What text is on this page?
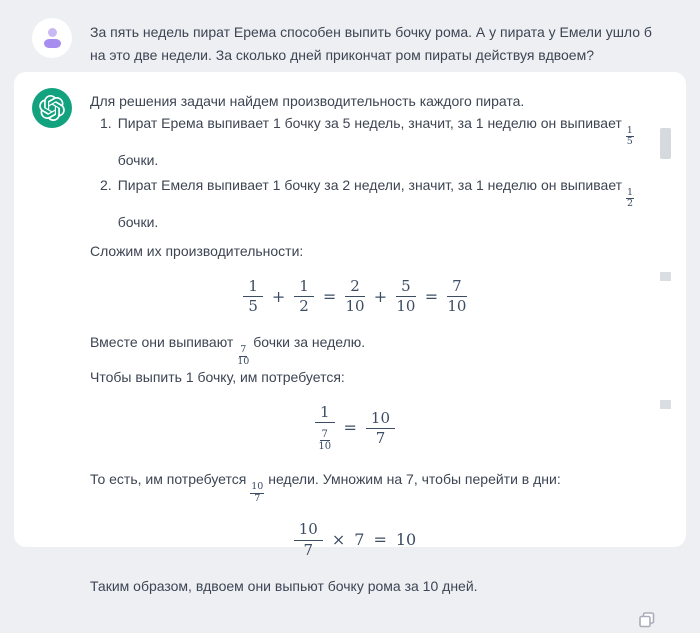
За пять недель пират Ерема способен выпить бочку рома. А у пирата у Емели ушло б на это две недели. За сколько дней прикончат ром пираты действуя вдвоем?

Для решения задачи найдем производительность каждого пирата.

1. Пират Ерема выпивает 1 бочку за 5 недель, значит, за 1 неделю он выпивает
$\frac{1}{5}$
бочки.
2. Пират Емеля выпивает 1 бочку за 2 недели, значит, за 1 неделю он выпивает
$\frac{1}{2}$
бочки.

Сложим их производительности:

$\frac{1}{5} + \frac{1}{2} = \frac{2}{10} + \frac{5}{10} = \frac{7}{10}$

Вместе они выпивают
$\frac{7}{10}$
бочки за неделю.

Чтобы выпить 1 бочку, им потребуется:

$\frac{1}{\frac{7}{10}} = \frac{10}{7}$

То есть, им потребуется
$\frac{10}{7}$
недели. Умножим на 7, чтобы перейти в дни:

$\frac{10}{7} \times 7 = 10$

Таким образом, вдвоем они выпьют бочку рома за 10 дней.
